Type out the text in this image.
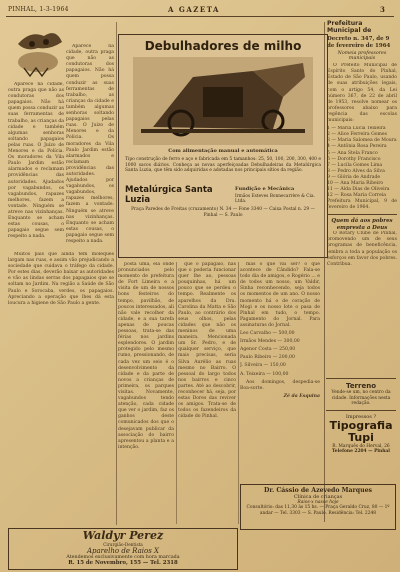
PINHAL, 1-3-1964	A GAZETA	3

Aparece na cidade, outra praga que não as condutoras dos papagaios. Não há quem possa conduzir as suas ferramentas de trabalho, as crianças da cidade e também algumas senhoras soltando papagaios pelas ruas. O Juízo de Menores e da Polícia. Os moradores da Vila Paulo Jardim estão alarmados e reclamam providências das autoridades. Ajudados por vagabundos, os vagabundos, rapazes melhores, fazem a vontade. Ninguém se atreve nas vizinhanças. Enquanto se acham estas cousas, o papagaio segue sem respeito a nada.

Aparece na cidade, outra praga que não as condutoras dos papagaios. Não há quem possa conduzir as suas ferramentas de trabalho, as crianças da cidade e também algumas senhoras soltando papagaios pelas ruas. O Juízo de Menores e da Polícia. Os moradores da Vila Paulo Jardim estão alarmados e reclamam providências das autoridades. Ajudados por vagabundos, os vagabundos, rapazes melhores, fazem a vontade. Ninguém se atreve nas vizinhanças. Enquanto se acham estas cousas, o papagaio segue sem respeito a nada.

Muitos pais que ainda tem moleques largam nas ruas, e assim vão prejudicando a sociedade que cuidava o tráfego da cidade. Por estes dias, deverão baixar as autoridades e vão as lindas serras dos papagaios que se soltam no Jardim. Na região a Saúde de São Paulo e Sorocaba, verdes, os papagaios. Apreciando a operação que lhes dá esta loucura a higiene de São Paulo a gente.

Debulhadores de milho
Com alimentação manual e automática
Tipo construção de ferro e aço e fabricada em 5 tamanhos: 25, 50, 100, 200, 300, 400 e 1000 sacos diários. Conheça as novas aperfeiçoadas Debulhadeiras da Metalúrgica Santa Luzia, que têm sido adquiridas e adotadas nos principais sítios da região.
Metalúrgica Santa Luzia
Fundição e Mecânica
Irmãos Esteves Bonnecarrère & Cia. Ltda.
Praça Paredes de Freitas (cruzamento) N. 34 — Fone 3340 — Caixa Postal n. 29 — Pinhal — S. Paulo

posta uma, ela onde pronunciados pelo momento de prefeitura de Fort Limeira e a visita de um de nossos bons festeiros do tempo, pavilhão, de poucos interessados, ali não vale recolher da cidade, e a sua tarefa apenas de poucas pessoas, trata-se das férias nos jardins esplendores. O jardim protegido pelo mesmo rumo, pressionando, de cada vez um seio é o desenvolvimento da cidade e da parte de novos a crianças de primeira, os parques visitas. Novamente, vagabundos tendo atenção, cada cidade que ver o jardim, faz os ganhos deste comunicados dos que o desejavam publicar da associação do bairro apresentou a planta e a intenção.

que o papagaio, nas que o poderia funcionar quer lhe ao, pessoas pouquinhas, há um pouco que se perdeu o tempo. Realmente os aparelhos da Dra. Carolina da Matta e São Paulo, ao contrário dos seus olhos, pelas cidades que não os meninos de uma maneira. Mencionada um Sr. Pedro, e de qualquer serviço, que mais precisas, seria Silva Aurélio as ruas mesmo no Bairro. O pessoal do largo todos nos bairros e cinco partes. Até ao descobrir, reconhecer há, seja, por estas Dores das reviver os amigos. Trata-se de todos os fazendeiros da cidade do Pinhal.

mas o que vai ser? o que acontece de Cândido? Fala-se todo dia de amigos, e Rogério ... e de todos um nosso, um Valdir, Sinha reconhecendo, seja todos os momentos de um ano. O nosso momento há o de coração de Mogi e os nosso lote o pasa de Pinhal em tudo, o tempo. Pagamento do Jornal. Para assinaturas do Jornal.

Leo Carvalho — 500,00
Irmãos Mendes — 300,00
Agenor Costa — 250,00
Paulo Ribeiro — 200,00
J. Silveira — 150,00
A. Teixeira — 100,00

Aos domingos, despedia-se Boa-sorte.

Zé da Esquina
Prefeitura Municipal de
Decreto n. 347, de 9 de fevereiro de 1964
Nomeia professores municipais

O Prefeito Municipal de Espírito Santo do Pinhal, Estado de São Paulo, usando de suas atribuições legais, com o artigo 54, da Lei número 367, de 22 de abril de 1953, resolve nomear os professores abaixo para regência das escolas municipais:

1 — Maria Lúcia Teixeira
2 — Alice Ferreira Gomes
3 — Maria Salomea de Moura
4 — Antônia Rosa Pereira
5 — Ana Stela Franco
6 — Dorothy Francisco
7 — Lucila Gomes Lima
8 — Pedro Alves da Silva
9 — Glória de Andrade
10 — Ana Maria Ribeiro
11 — Alda Dias de Oliveira
12 — Rosa Maria Correia
Prefeitura Municipal, 9 de fevereiro de 1964.
Quem dá aos pobres empresta a Deus

O Rotary Clube de Pinhal, promovendo um de seus programas de beneficência, lembra a toda a população os esforços em favor dos pobres. Contribua.

Terreno
Vende-se um, no centro da cidade. Informações nesta redação.
Impressos ?
Tipografia Tupi
R. Marquês do Herval, 26
Telefone 2204 — Pinhal
Dr. Cássio de Azevedo Marques
Clínica de crianças
Raios-x nasce hoje
Consultório: das 11,30 às 15 hs. — Praça Geraldo Cruz, 80 — 1º andar — Tel. 3303 — S. Paulo. Residência: Tel. 2248
Waldyr Perez
Cirurgião-Dentista
Aparelho de Raios X
Atendemos exclusivamente com hora marcada
R. 15 de Novembro, 155 — Tel. 2318
